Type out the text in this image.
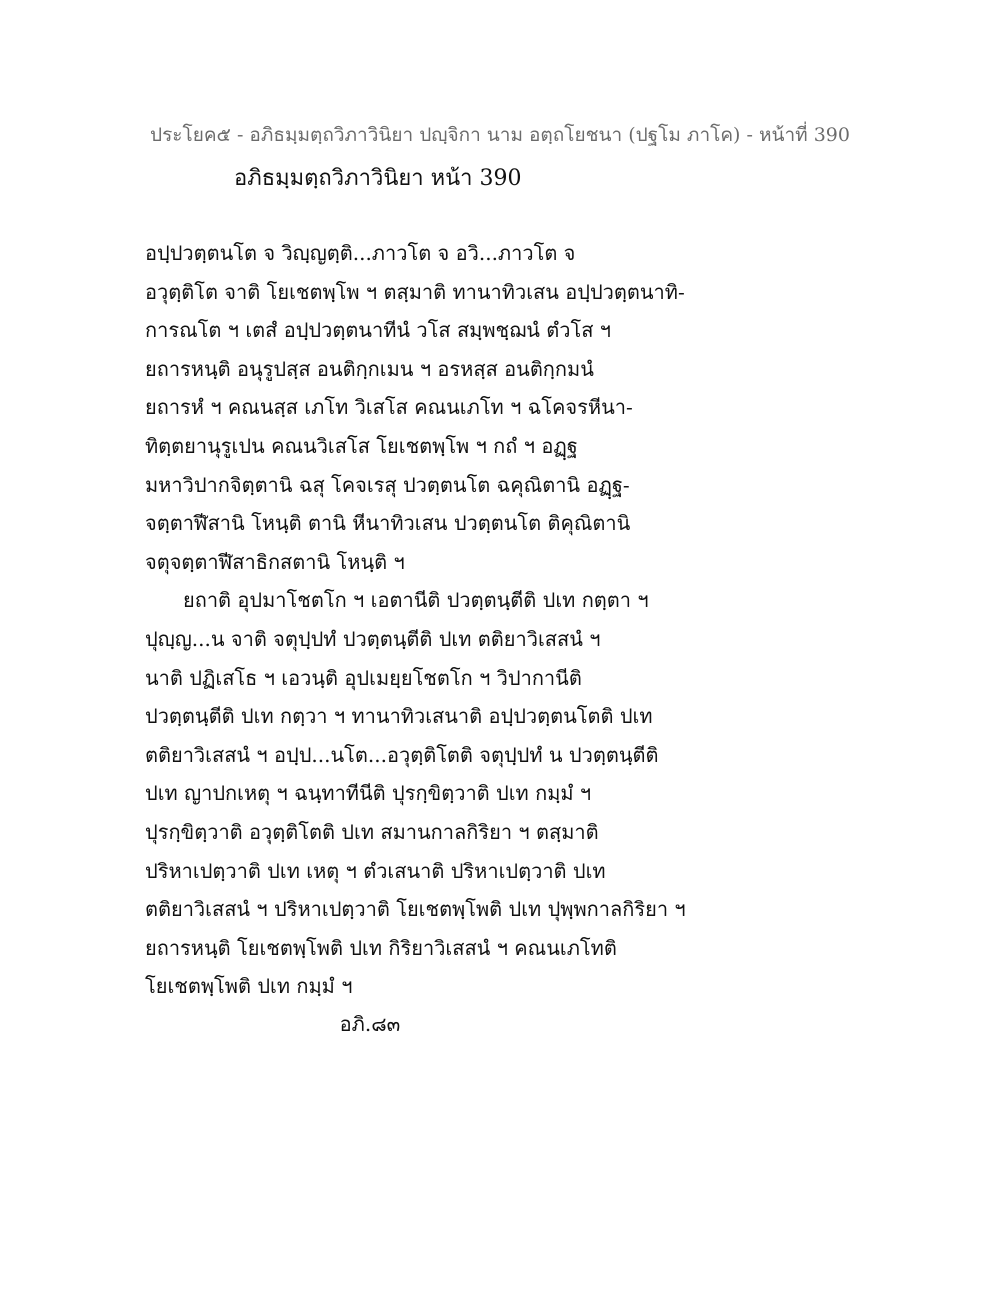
ประโยค๕ - อภิธมฺมตฺถวิภาวินิยา ปญฺจิกา นาม อตฺถโยชนา (ปฐโม ภาโค) - หน้าที่ 390
อภิธมฺมตฺถวิภาวินิยา หน้า 390
อปฺปวตฺตนโต จ วิญฺญตฺติ...ภาวโต จ อวิ...ภาวโต จ
อวุตฺติโต จาติ โยเชตพฺโพ ฯ ตสฺมาติ ทานาทิวเสน อปฺปวตฺตนาทิ-
การณโต ฯ เตสํ อปฺปวตฺตนาทีนํ วโส สมฺพชฺฌนํ ตํวโส ฯ
ยถารหนฺติ อนุรูปสฺส อนติกฺกเมน ฯ อรหสฺส อนติกฺกมนํ
ยถารหํ ฯ คณนสฺส เภโท วิเสโส คณนเภโท ฯ ฉโคจรหีนา-
ทิตฺตยานุรูเปน คณนวิเสโส โยเชตพฺโพ ฯ กถํ ฯ อฏฺฐ
มหาวิปากจิตฺตานิ ฉสุ โคจเรสุ ปวตฺตนโต ฉคุณิตานิ อฏฺฐ-
จตฺตาฬีสานิ โหนฺติ ตานิ หีนาทิวเสน ปวตฺตนโต ติคุณิตานิ
จตุจตฺตาฬีสาธิกสตานิ โหนฺติ ฯ
ยถาติ อุปมาโชตโก ฯ เอตานีติ ปวตฺตนฺตีติ ปเท กตฺตา ฯ
ปุญฺญ...น จาติ จตุปฺปทํ ปวตฺตนฺตีติ ปเท ตติยาวิเสสนํ ฯ
นาติ ปฏิเสโธ ฯ เอวนฺติ อุปเมยฺยโชตโก ฯ วิปากานีติ
ปวตฺตนฺตีติ ปเท กตฺวา ฯ ทานาทิวเสนาติ อปฺปวตฺตนโตติ ปเท
ตติยาวิเสสนํ ฯ อปฺป...นโต...อวุตฺติโตติ จตุปฺปทํ น ปวตฺตนฺตีติ
ปเท ญาปกเหตุ ฯ ฉนฺทาทีนีติ ปุรกฺขิตฺวาติ ปเท กมฺมํ ฯ
ปุรกฺขิตฺวาติ อวุตฺติโตติ ปเท สมานกาลกิริยา ฯ ตสฺมาติ
ปริหาเปตฺวาติ ปเท เหตุ ฯ ตํวเสนาติ ปริหาเปตฺวาติ ปเท
ตติยาวิเสสนํ ฯ ปริหาเปตฺวาติ โยเชตพฺโพติ ปเท ปุพฺพกาลกิริยา ฯ
ยถารหนฺติ โยเชตพฺโพติ ปเท กิริยาวิเสสนํ ฯ คณนเภโทติ
โยเชตพฺโพติ ปเท กมฺมํ ฯ
อภิ.๘๓
